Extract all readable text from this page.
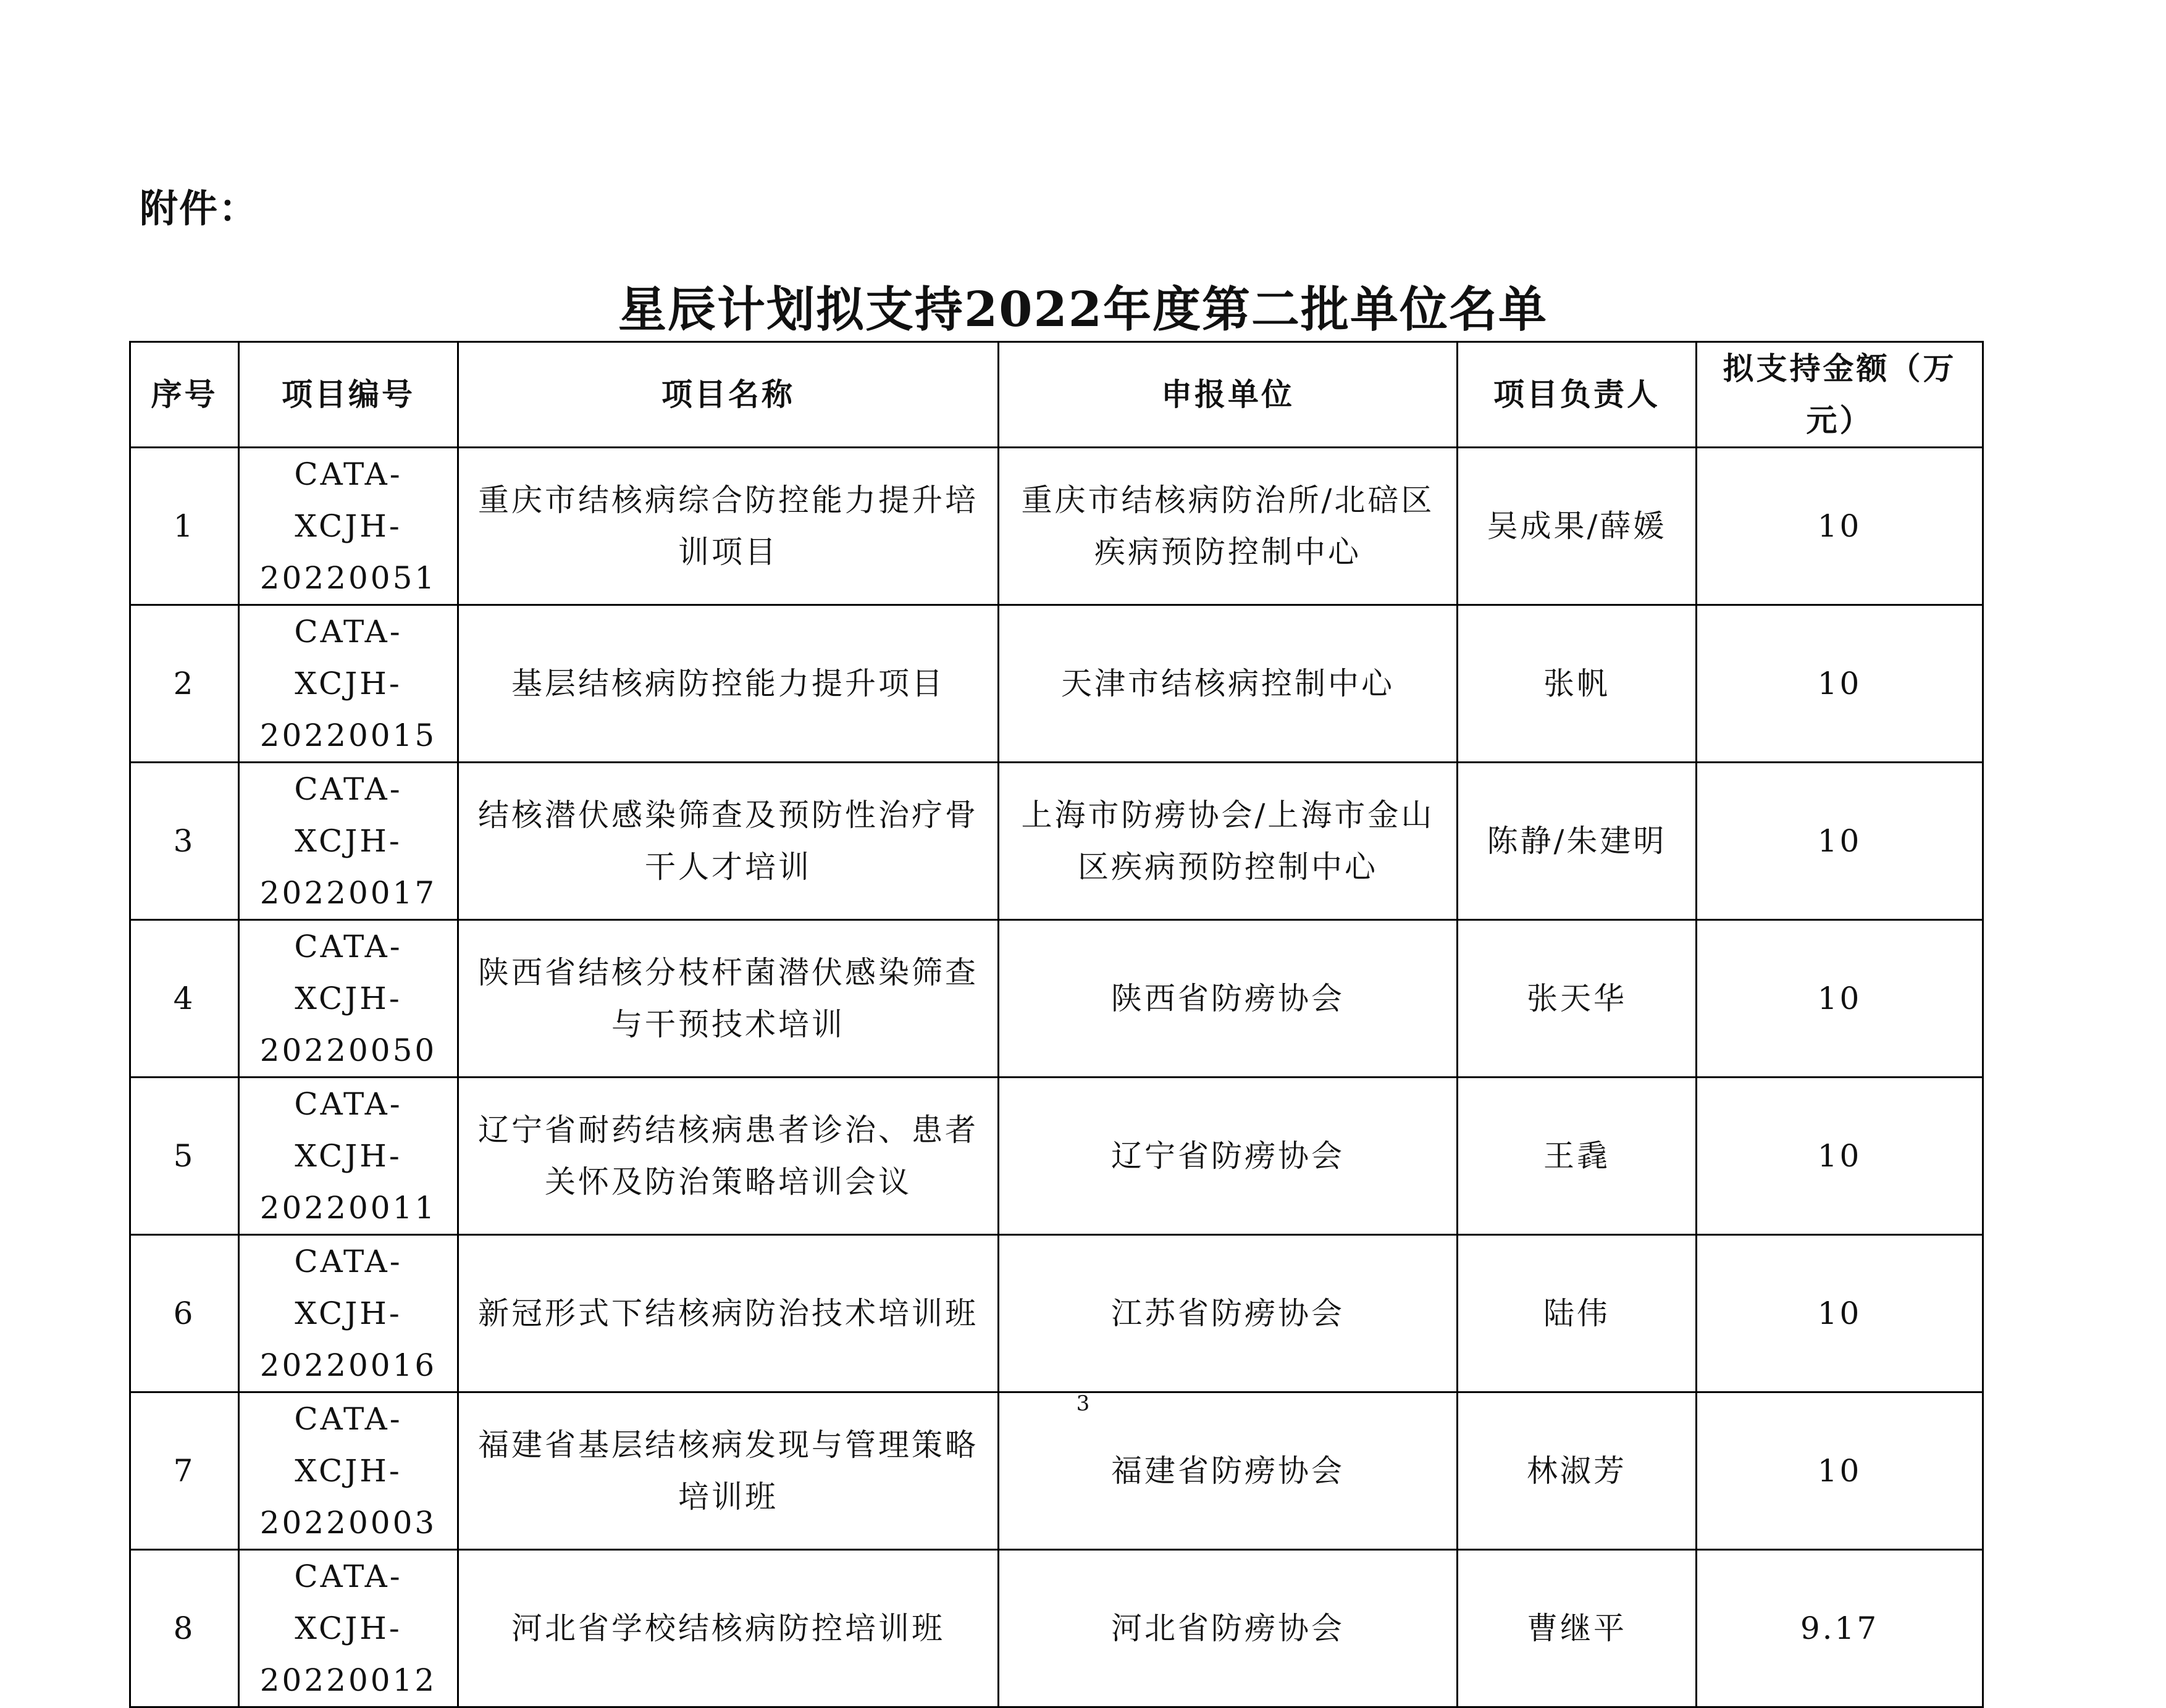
附件：
星辰计划拟支持2022年度第二批单位名单
序号	项目编号	项目名称	申报单位	项目负责人	拟支持金额（万元）
1	CATA-XCJH-20220051	重庆市结核病综合防控能力提升培训项目	重庆市结核病防治所/北碚区疾病预防控制中心	吴成果/薛媛	10
2	CATA-XCJH-20220015	基层结核病防控能力提升项目	天津市结核病控制中心	张帆	10
3	CATA-XCJH-20220017	结核潜伏感染筛查及预防性治疗骨干人才培训	上海市防痨协会/上海市金山区疾病预防控制中心	陈静/朱建明	10
4	CATA-XCJH-20220050	陕西省结核分枝杆菌潜伏感染筛查与干预技术培训	陕西省防痨协会	张天华	10
5	CATA-XCJH-20220011	辽宁省耐药结核病患者诊治、患者关怀及防治策略培训会议	辽宁省防痨协会	王毳	10
6	CATA-XCJH-20220016	新冠形式下结核病防治技术培训班	江苏省防痨协会	陆伟	10
7	CATA-XCJH-20220003	福建省基层结核病发现与管理策略培训班	福建省防痨协会	林淑芳	10
8	CATA-XCJH-20220012	河北省学校结核病防控培训班	河北省防痨协会	曹继平	9.17
3
